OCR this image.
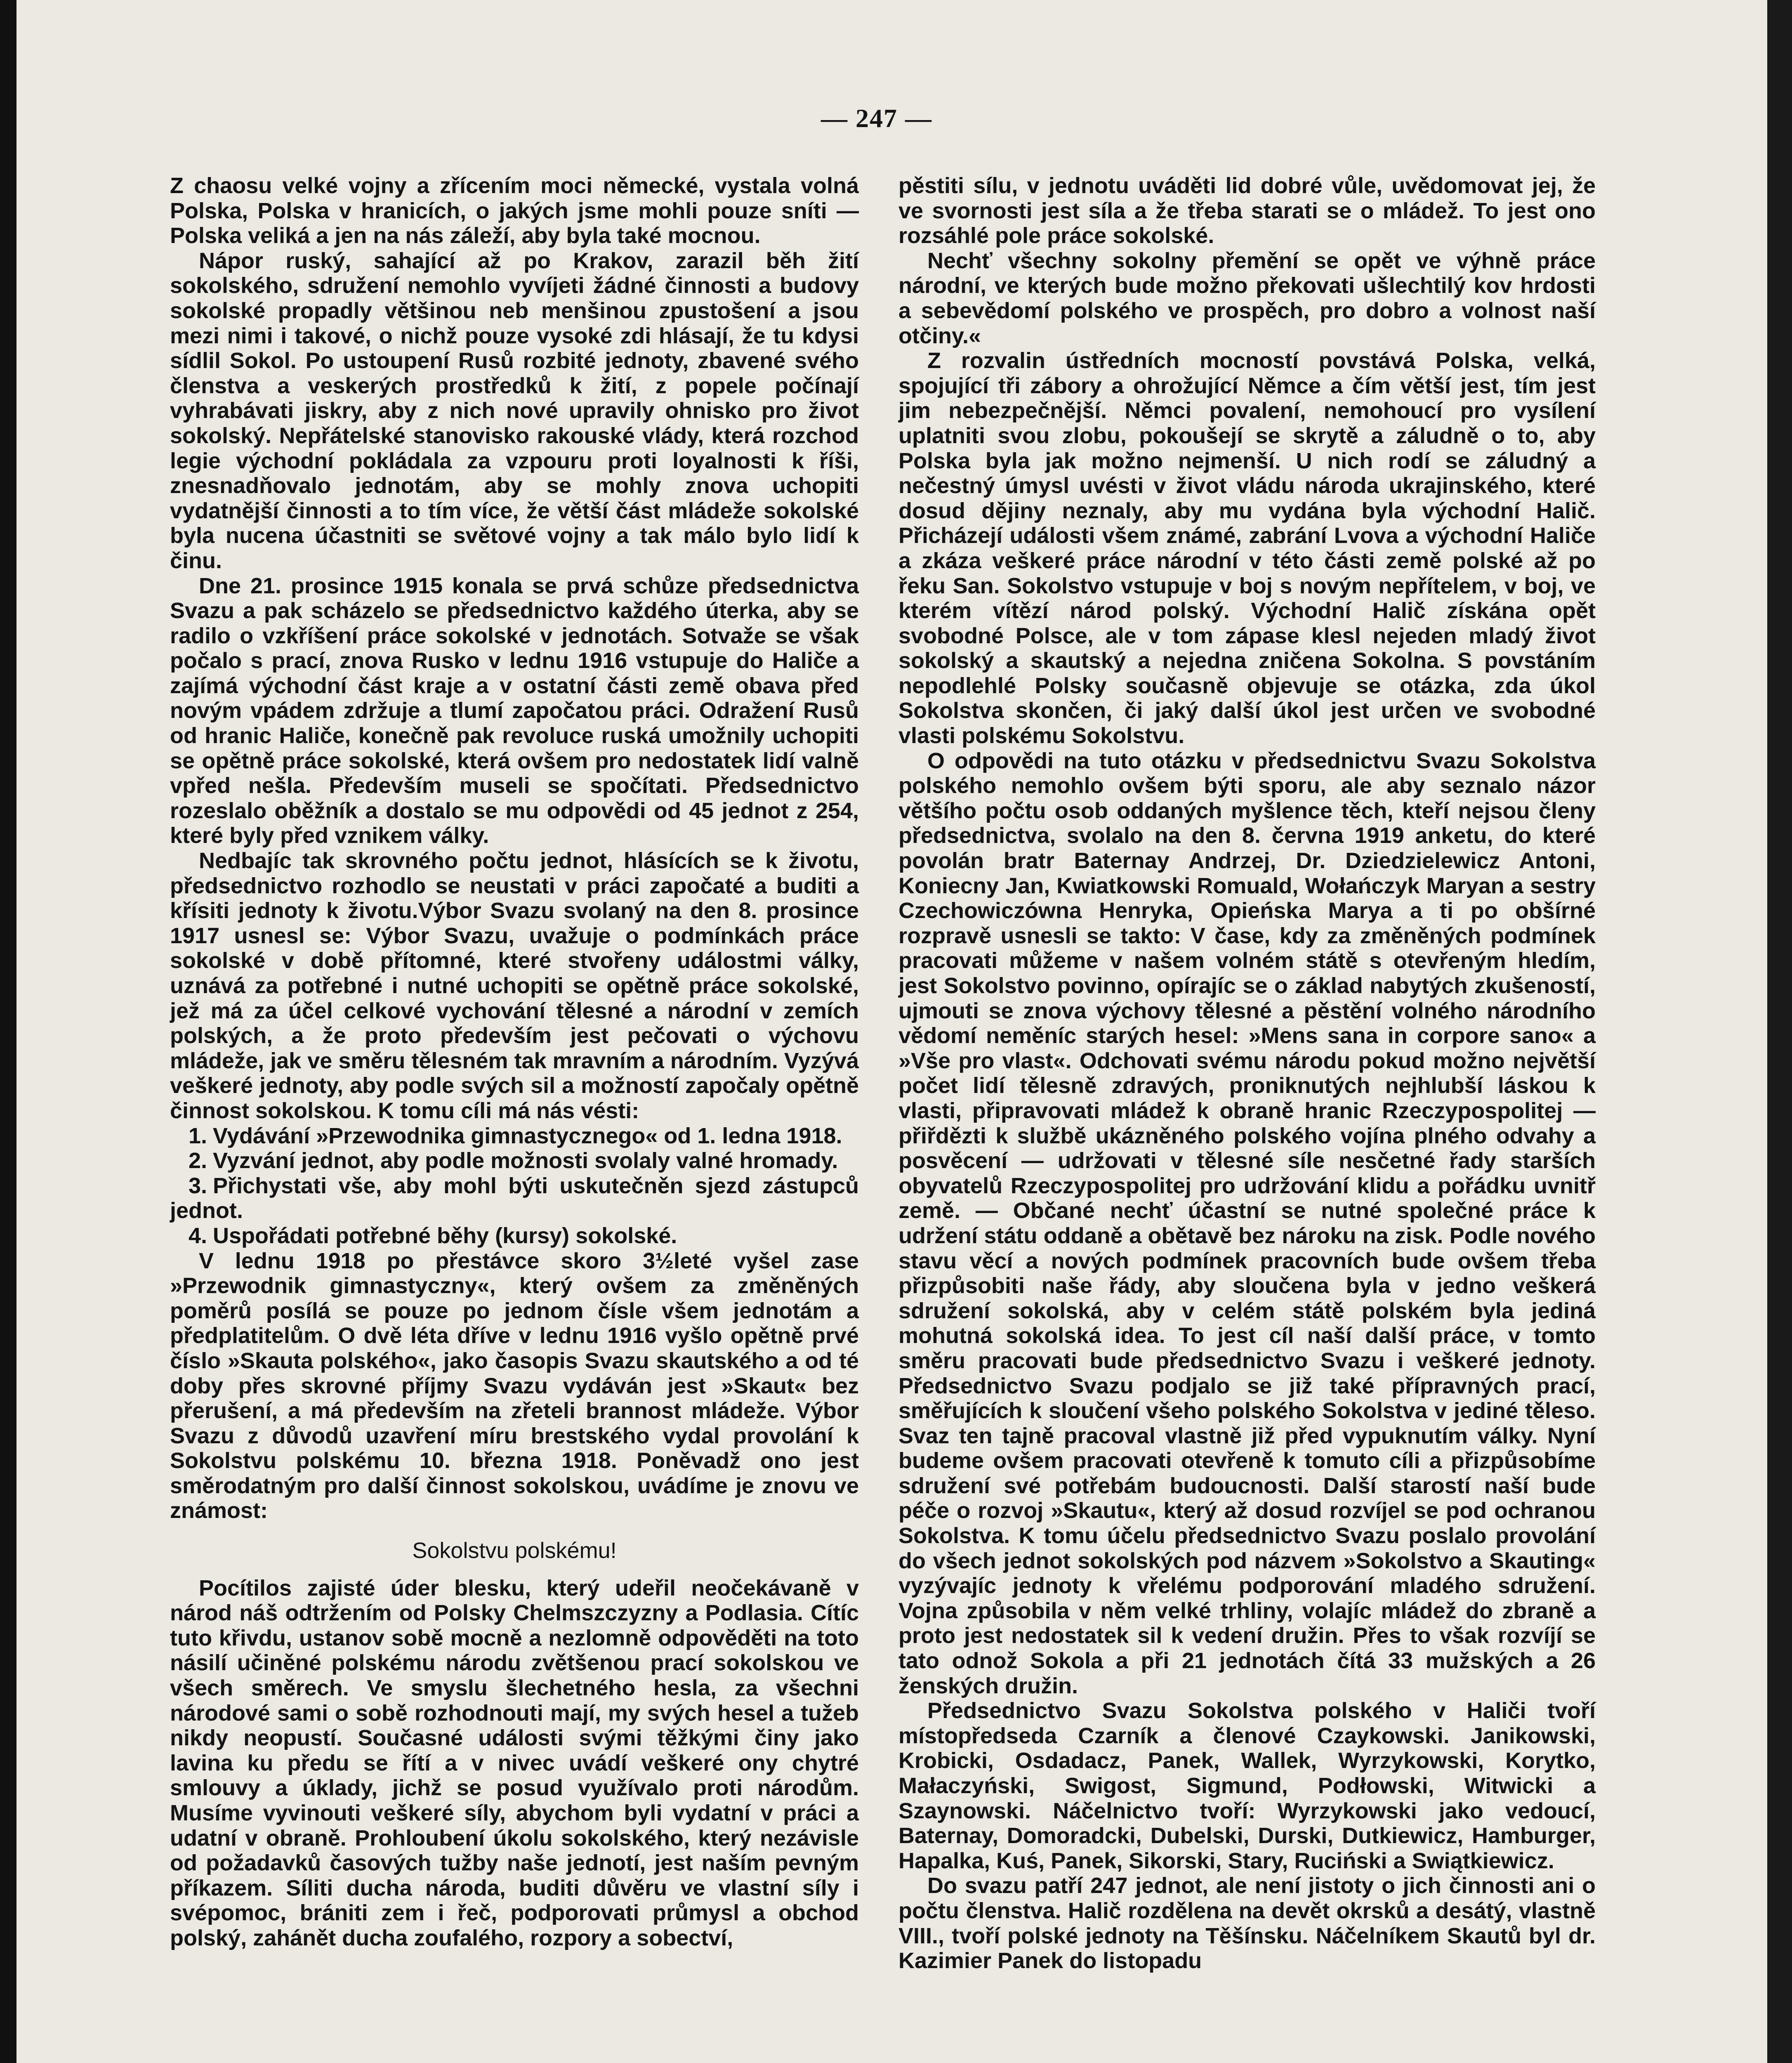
— 247 —

Z chaosu velké vojny a zřícením moci německé, vystala volná Polska, Polska v hranicích, o jakých jsme mohli pouze sníti — Polska veliká a jen na nás záleží, aby byla také mocnou.

Nápor ruský, sahající až po Krakov, zarazil běh žití sokolského, sdružení nemohlo vyvíjeti žádné činnosti a budovy sokolské propadly většinou neb menšinou zpustošení a jsou mezi nimi i takové, o nichž pouze vysoké zdi hlásají, že tu kdysi sídlil Sokol. Po ustoupení Rusů rozbité jednoty, zbavené svého členstva a veskerých prostředků k žití, z popele počínají vyhrabávati jiskry, aby z nich nové upravily ohnisko pro život sokolský. Nepřátelské stanovisko rakouské vlády, která rozchod legie východní pokládala za vzpouru proti loyalnosti k říši, znesnadňovalo jednotám, aby se mohly znova uchopiti vydatnější činnosti a to tím více, že větší část mládeže sokolské byla nucena účastniti se světové vojny a tak málo bylo lidí k činu.

Dne 21. prosince 1915 konala se prvá schůze předsednictva Svazu a pak scházelo se předsednictvo každého úterka, aby se radilo o vzkříšení práce sokolské v jednotách. Sotvaže se však počalo s prací, znova Rusko v lednu 1916 vstupuje do Haliče a zajímá východní část kraje a v ostatní části země obava před novým vpádem zdržuje a tlumí započatou práci. Odražení Rusů od hranic Haliče, konečně pak revoluce ruská umožnily uchopiti se opětně práce sokolské, která ovšem pro nedostatek lidí valně vpřed nešla. Především museli se spočítati. Předsednictvo rozeslalo oběžník a dostalo se mu odpovědi od 45 jednot z 254, které byly před vznikem války.

Nedbajíc tak skrovného počtu jednot, hlásících se k životu, předsednictvo rozhodlo se neustati v práci započaté a buditi a křísiti jednoty k životu.Výbor Svazu svolaný na den 8. prosince 1917 usnesl se: Výbor Svazu, uvažuje o podmínkách práce sokolské v době přítomné, které stvořeny událostmi války, uznává za potřebné i nutné uchopiti se opětně práce sokolské, jež má za účel celkové vychování tělesné a národní v zemích polských, a že proto především jest pečovati o výchovu mládeže, jak ve směru tělesném tak mravním a národním. Vyzývá veškeré jednoty, aby podle svých sil a možností započaly opětně činnost sokolskou. K tomu cíli má nás vésti:

1. Vydávání »Przewodnika gimnastycznego« od 1. ledna 1918.

2. Vyzvání jednot, aby podle možnosti svolaly valné hromady.

3. Přichystati vše, aby mohl býti uskutečněn sjezd zástupců jednot.

4. Uspořádati potřebné běhy (kursy) sokolské.

V lednu 1918 po přestávce skoro 3½leté vyšel zase »Przewodnik gimnastyczny«, který ovšem za změněných poměrů posílá se pouze po jednom čísle všem jednotám a předplatitelům. O dvě léta dříve v lednu 1916 vyšlo opětně prvé číslo »Skauta polského«, jako časopis Svazu skautského a od té doby přes skrovné příjmy Svazu vydáván jest »Skaut« bez přerušení, a má především na zřeteli brannost mládeže. Výbor Svazu z důvodů uzavření míru brestského vydal provolání k Sokolstvu polskému 10. března 1918. Poněvadž ono jest směrodatným pro další činnost sokolskou, uvádíme je znovu ve známost:

Sokolstvu polskému!

Pocítilos zajisté úder blesku, který udeřil neočekávaně v národ náš odtržením od Polsky Chelmszczyzny a Podlasia. Cítíc tuto křivdu, ustanov sobě mocně a nezlomně odpověděti na toto násilí učiněné polskému národu zvětšenou prací sokolskou ve všech směrech. Ve smyslu šlechetného hesla, za všechni národové sami o sobě rozhodnouti mají, my svých hesel a tužeb nikdy neopustí. Současné události svými těžkými činy jako lavina ku předu se řítí a v nivec uvádí veškeré ony chytré smlouvy a úklady, jichž se posud využívalo proti národům. Musíme vyvinouti veškeré síly, abychom byli vydatní v práci a udatní v obraně. Prohloubení úkolu sokolského, který nezávisle od požadavků časových tužby naše jednotí, jest naším pevným příkazem. Síliti ducha národa, buditi důvěru ve vlastní síly i svépomoc, brániti zem i řeč, podporovati průmysl a obchod polský, zahánět ducha zoufalého, rozpory a sobectví,

pěstiti sílu, v jednotu uváděti lid dobré vůle, uvědomovat jej, že ve svornosti jest síla a že třeba starati se o mládež. To jest ono rozsáhlé pole práce sokolské.

Nechť všechny sokolny přemění se opět ve výhně práce národní, ve kterých bude možno překovati ušlechtilý kov hrdosti a sebevědomí polského ve prospěch, pro dobro a volnost naší otčiny.«

Z rozvalin ústředních mocností povstává Polska, velká, spojující tři zábory a ohrožující Němce a čím větší jest, tím jest jim nebezpečnější. Němci povalení, nemohoucí pro vysílení uplatniti svou zlobu, pokoušejí se skrytě a záludně o to, aby Polska byla jak možno nejmenší. U nich rodí se záludný a nečestný úmysl uvésti v život vládu národa ukrajinského, které dosud dějiny neznaly, aby mu vydána byla východní Halič. Přicházejí události všem známé, zabrání Lvova a východní Haliče a zkáza veškeré práce národní v této části země polské až po řeku San. Sokolstvo vstupuje v boj s novým nepřítelem, v boj, ve kterém vítězí národ polský. Východní Halič získána opět svobodné Polsce, ale v tom zápase klesl nejeden mladý život sokolský a skautský a nejedna zničena Sokolna. S povstáním nepodlehlé Polsky současně objevuje se otázka, zda úkol Sokolstva skončen, či jaký další úkol jest určen ve svobodné vlasti polskému Sokolstvu.

O odpovědi na tuto otázku v předsednictvu Svazu Sokolstva polského nemohlo ovšem býti sporu, ale aby seznalo názor většího počtu osob oddaných myšlence těch, kteří nejsou členy předsednictva, svolalo na den 8. června 1919 anketu, do které povolán bratr Baternay Andrzej, Dr. Dziedzielewicz Antoni, Koniecny Jan, Kwiatkowski Romuald, Wołańczyk Maryan a sestry Czechowiczówna Henryka, Opieńska Marya a ti po obšírné rozpravě usnesli se takto: V čase, kdy za změněných podmínek pracovati můžeme v našem volném státě s otevřeným hledím, jest Sokolstvo povinno, opírajíc se o základ nabytých zkušeností, ujmouti se znova výchovy tělesné a pěstění volného národního vědomí neměníc starých hesel: »Mens sana in corpore sano« a »Vše pro vlast«. Odchovati svému národu pokud možno největší počet lidí tělesně zdravých, proniknutých nejhlubší láskou k vlasti, připravovati mládež k obraně hranic Rzeczypospolitej — přiřdězti k službě ukázněného polského vojína plného odvahy a posvěcení — udržovati v tělesné síle nesčetné řady starších obyvatelů Rzeczypospolitej pro udržování klidu a pořádku uvnitř země. — Občané nechť účastní se nutné společné práce k udržení státu oddaně a obětavě bez nároku na zisk. Podle nového stavu věcí a nových podmínek pracovních bude ovšem třeba přizpůsobiti naše řády, aby sloučena byla v jedno veškerá sdružení sokolská, aby v celém státě polském byla jediná mohutná sokolská idea. To jest cíl naší další práce, v tomto směru pracovati bude předsednictvo Svazu i veškeré jednoty. Předsednictvo Svazu podjalo se již také přípravných prací, směřujících k sloučení všeho polského Sokolstva v jediné těleso. Svaz ten tajně pracoval vlastně již před vypuknutím války. Nyní budeme ovšem pracovati otevřeně k tomuto cíli a přizpůsobíme sdružení své potřebám budoucnosti. Další starostí naší bude péče o rozvoj »Skautu«, který až dosud rozvíjel se pod ochranou Sokolstva. K tomu účelu předsednictvo Svazu poslalo provolání do všech jednot sokolských pod názvem »Sokolstvo a Skauting« vyzývajíc jednoty k vřelému podporování mladého sdružení. Vojna způsobila v něm velké trhliny, volajíc mládež do zbraně a proto jest nedostatek sil k vedení družin. Přes to však rozvíjí se tato odnož Sokola a při 21 jednotách čítá 33 mužských a 26 ženských družin.

Předsednictvo Svazu Sokolstva polského v Haliči tvoří místopředseda Czarník a členové Czaykowski. Janikowski, Krobicki, Osdadacz, Panek, Wallek, Wyrzykowski, Korytko, Małaczyński, Swigost, Sigmund, Podłowski, Witwicki a Szaynowski. Náčelnictvo tvoří: Wyrzykowski jako vedoucí, Baternay, Domoradcki, Dubelski, Durski, Dutkiewicz, Hamburger, Hapalka, Kuś, Panek, Sikorski, Stary, Ruciński a Swiątkiewicz.

Do svazu patří 247 jednot, ale není jistoty o jich činnosti ani o počtu členstva. Halič rozdělena na devět okrsků a desátý, vlastně VIII., tvoří polské jednoty na Těšínsku. Náčelníkem Skautů byl dr. Kazimier Panek do listopadu
